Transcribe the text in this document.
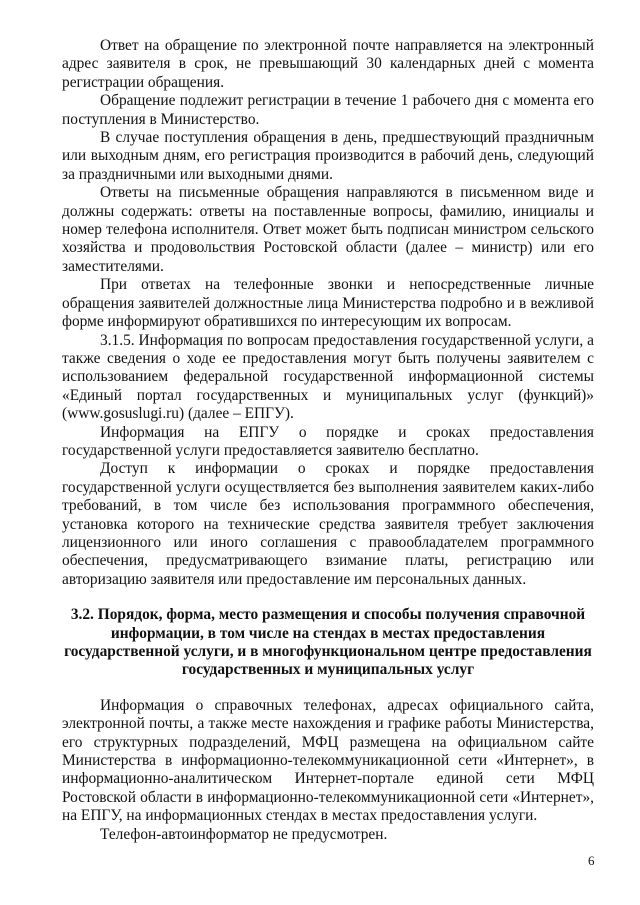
Ответ на обращение по электронной почте направляется на электронный адрес заявителя в срок, не превышающий 30 календарных дней с момента регистрации обращения.

Обращение подлежит регистрации в течение 1 рабочего дня с момента его поступления в Министерство.

В случае поступления обращения в день, предшествующий праздничным или выходным дням, его регистрация производится в рабочий день, следующий за праздничными или выходными днями.

Ответы на письменные обращения направляются в письменном виде и должны содержать: ответы на поставленные вопросы, фамилию, инициалы и номер телефона исполнителя. Ответ может быть подписан министром сельского хозяйства и продовольствия Ростовской области (далее – министр) или его заместителями.

При ответах на телефонные звонки и непосредственные личные обращения заявителей должностные лица Министерства подробно и в вежливой форме информируют обратившихся по интересующим их вопросам.

3.1.5. Информация по вопросам предоставления государственной услуги, а также сведения о ходе ее предоставления могут быть получены заявителем с использованием федеральной государственной информационной системы «Единый портал государственных и муниципальных услуг (функций)» (www.gosuslugi.ru) (далее – ЕПГУ).

Информация на ЕПГУ о порядке и сроках предоставления государственной услуги предоставляется заявителю бесплатно.

Доступ к информации о сроках и порядке предоставления государственной услуги осуществляется без выполнения заявителем каких-либо требований, в том числе без использования программного обеспечения, установка которого на технические средства заявителя требует заключения лицензионного или иного соглашения с правообладателем программного обеспечения, предусматривающего взимание платы, регистрацию или авторизацию заявителя или предоставление им персональных данных.

3.2. Порядок, форма, место размещения и способы получения справочной информации, в том числе на стендах в местах предоставления государственной услуги, и в многофункциональном центре предоставления государственных и муниципальных услуг

Информация о справочных телефонах, адресах официального сайта, электронной почты, а также месте нахождения и графике работы Министерства, его структурных подразделений, МФЦ размещена на официальном сайте Министерства в информационно-телекоммуникационной сети «Интернет», в информационно-аналитическом Интернет-портале единой сети МФЦ Ростовской области в информационно-телекоммуникационной сети «Интернет», на ЕПГУ, на информационных стендах в местах предоставления услуги.

Телефон-автоинформатор не предусмотрен.

6
